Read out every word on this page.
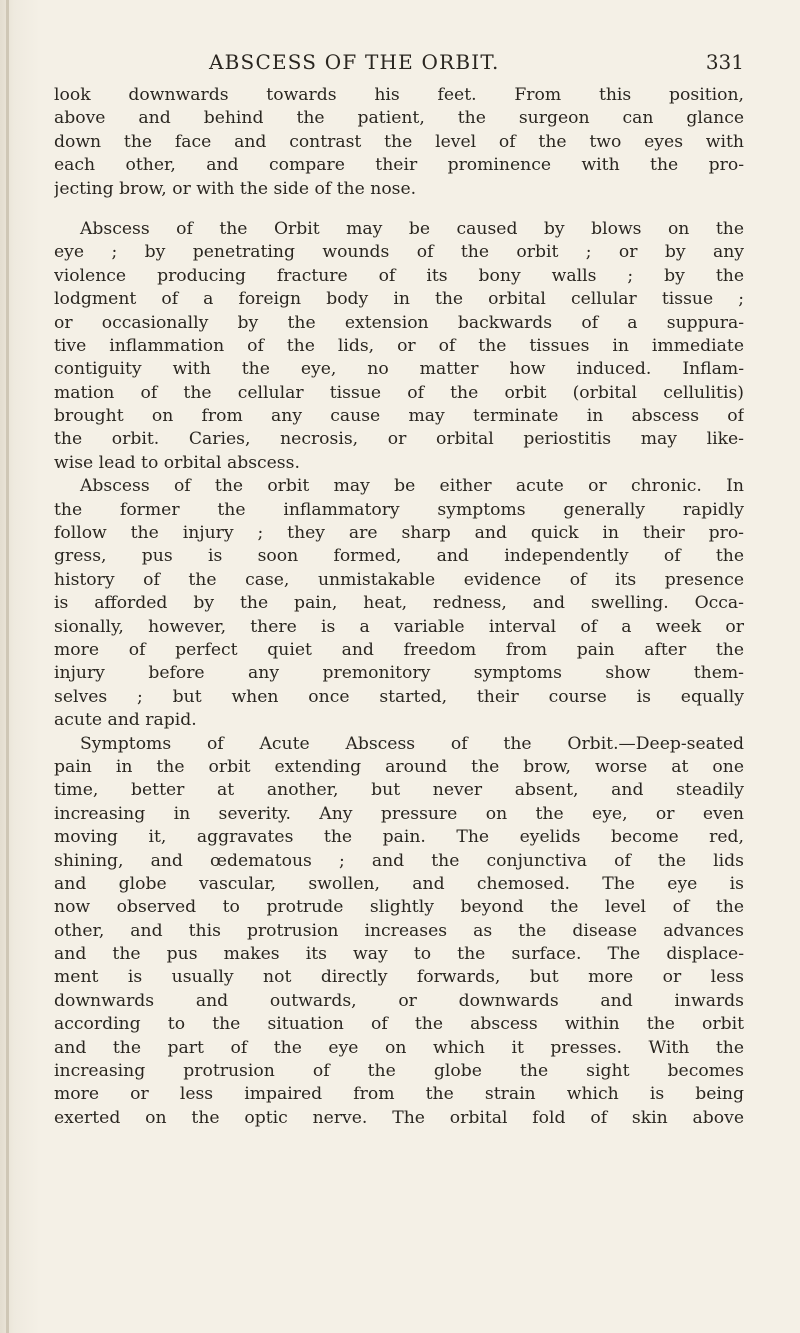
ABSCESS OF THE ORBIT.	331
look downwards towards his feet. From this position,
above and behind the patient, the surgeon can glance
down the face and contrast the level of the two eyes with
each other, and compare their prominence with the pro-
jecting brow, or with the side of the nose.
Abscess of the Orbit may be caused by blows on the
eye ; by penetrating wounds of the orbit ; or by any
violence producing fracture of its bony walls ; by the
lodgment of a foreign body in the orbital cellular tissue ;
or occasionally by the extension backwards of a suppura-
tive inflammation of the lids, or of the tissues in immediate
contiguity with the eye, no matter how induced. Inflam-
mation of the cellular tissue of the orbit (orbital cellulitis)
brought on from any cause may terminate in abscess of
the orbit. Caries, necrosis, or orbital periostitis may like-
wise lead to orbital abscess.
Abscess of the orbit may be either acute or chronic. In
the former the inflammatory symptoms generally rapidly
follow the injury ; they are sharp and quick in their pro-
gress, pus is soon formed, and independently of the
history of the case, unmistakable evidence of its presence
is afforded by the pain, heat, redness, and swelling. Occa-
sionally, however, there is a variable interval of a week or
more of perfect quiet and freedom from pain after the
injury before any premonitory symptoms show them-
selves ; but when once started, their course is equally
acute and rapid.
Symptoms of Acute Abscess of the Orbit.—Deep-seated
pain in the orbit extending around the brow, worse at one
time, better at another, but never absent, and steadily
increasing in severity. Any pressure on the eye, or even
moving it, aggravates the pain. The eyelids become red,
shining, and œdematous ; and the conjunctiva of the lids
and globe vascular, swollen, and chemosed. The eye is
now observed to protrude slightly beyond the level of the
other, and this protrusion increases as the disease advances
and the pus makes its way to the surface. The displace-
ment is usually not directly forwards, but more or less
downwards and outwards, or downwards and inwards
according to the situation of the abscess within the orbit
and the part of the eye on which it presses. With the
increasing protrusion of the globe the sight becomes
more or less impaired from the strain which is being
exerted on the optic nerve. The orbital fold of skin above
